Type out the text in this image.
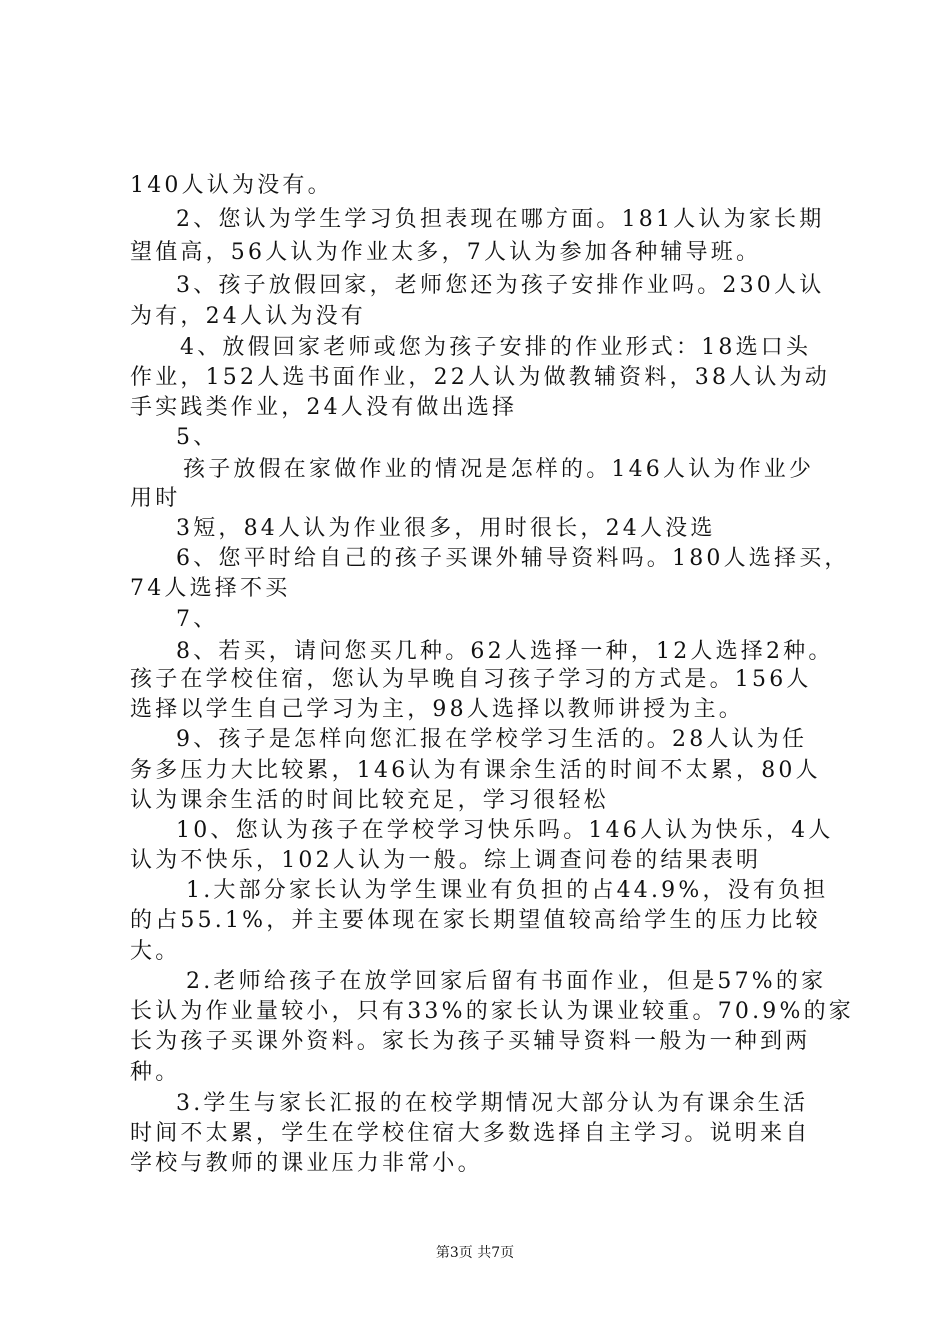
140人认为没有。
2、您认为学生学习负担表现在哪方面。181人认为家长期
望值高，56人认为作业太多，7人认为参加各种辅导班。
3、孩子放假回家，老师您还为孩子安排作业吗。230人认
为有，24人认为没有
4、放假回家老师或您为孩子安排的作业形式：18选口头
作业，152人选书面作业，22人认为做教辅资料，38人认为动
手实践类作业，24人没有做出选择
5、
孩子放假在家做作业的情况是怎样的。146人认为作业少
用时
3短，84人认为作业很多，用时很长，24人没选
6、您平时给自己的孩子买课外辅导资料吗。180人选择买，
74人选择不买
7、
8、若买，请问您买几种。62人选择一种，12人选择2种。
孩子在学校住宿，您认为早晚自习孩子学习的方式是。156人
选择以学生自己学习为主，98人选择以教师讲授为主。
9、孩子是怎样向您汇报在学校学习生活的。28人认为任
务多压力大比较累，146认为有课余生活的时间不太累，80人
认为课余生活的时间比较充足，学习很轻松
10、您认为孩子在学校学习快乐吗。146人认为快乐，4人
认为不快乐，102人认为一般。综上调查问卷的结果表明
1.大部分家长认为学生课业有负担的占44.9%，没有负担
的占55.1%，并主要体现在家长期望值较高给学生的压力比较
大。
2.老师给孩子在放学回家后留有书面作业，但是57%的家
长认为作业量较小，只有33%的家长认为课业较重。70.9%的家
长为孩子买课外资料。家长为孩子买辅导资料一般为一种到两
种。
3.学生与家长汇报的在校学期情况大部分认为有课余生活
时间不太累，学生在学校住宿大多数选择自主学习。说明来自
学校与教师的课业压力非常小。
第3页 共7页
